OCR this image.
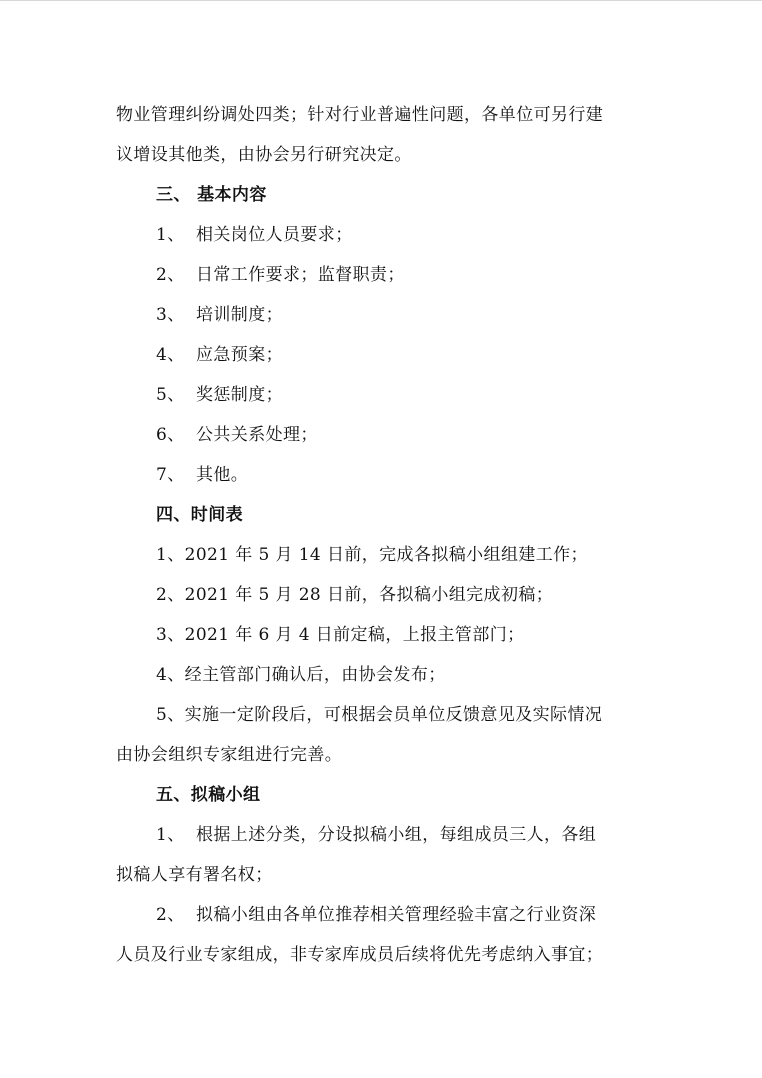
物业管理纠纷调处四类；针对行业普遍性问题，各单位可另行建
议增设其他类，由协会另行研究决定。
三、 基本内容
1、 相关岗位人员要求；
2、 日常工作要求；监督职责；
3、 培训制度；
4、 应急预案；
5、 奖惩制度；
6、 公共关系处理；
7、 其他。
四、时间表
1、2021 年 5 月 14 日前，完成各拟稿小组组建工作；
2、2021 年 5 月 28 日前，各拟稿小组完成初稿；
3、2021 年 6 月 4 日前定稿，上报主管部门；
4、经主管部门确认后，由协会发布；
5、实施一定阶段后，可根据会员单位反馈意见及实际情况
由协会组织专家组进行完善。
五、拟稿小组
1、 根据上述分类，分设拟稿小组，每组成员三人，各组
拟稿人享有署名权；
2、 拟稿小组由各单位推荐相关管理经验丰富之行业资深
人员及行业专家组成，非专家库成员后续将优先考虑纳入事宜；
